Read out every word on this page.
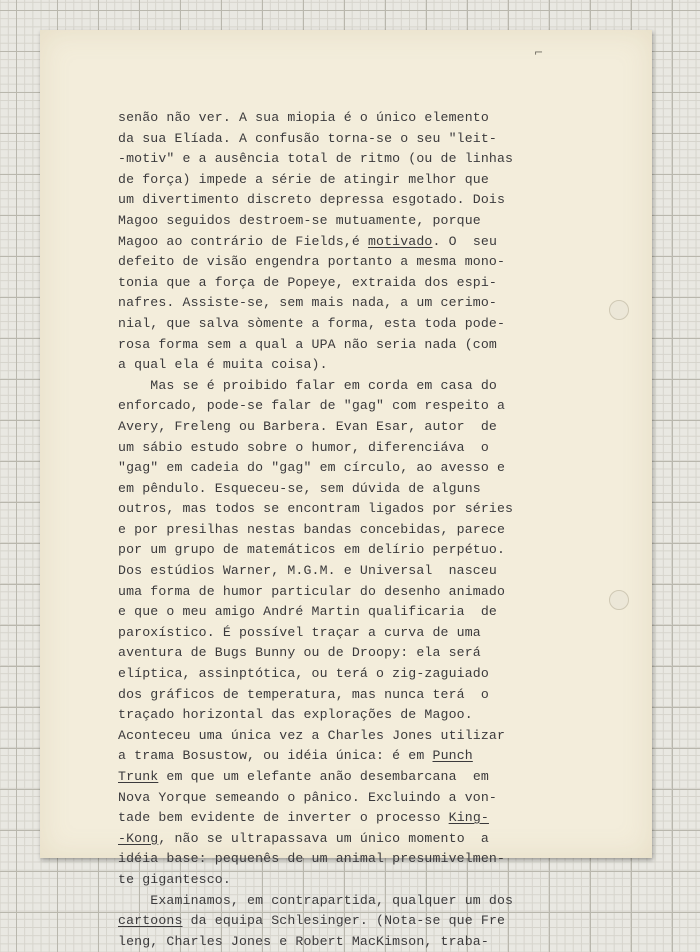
⌐
senão não ver. A sua miopia é o único elemento
da sua Elíada. A confusão torna-se o seu "leit-
-motiv" e a ausência total de ritmo (ou de linhas
de força) impede a série de atingir melhor que
um divertimento discreto depressa esgotado. Dois
Magoo seguidos destroem-se mutuamente, porque
Magoo ao contrário de Fields,é motivado. O  seu
defeito de visão engendra portanto a mesma mono-
tonia que a força de Popeye, extraida dos espi-
nafres. Assiste-se, sem mais nada, a um cerimo-
nial, que salva sòmente a forma, esta toda pode-
rosa forma sem a qual a UPA não seria nada (com
a qual ela é muita coisa).
Mas se é proibido falar em corda em casa do
enforcado, pode-se falar de "gag" com respeito a
Avery, Freleng ou Barbera. Evan Esar, autor  de
um sábio estudo sobre o humor, diferenciáva  o
"gag" em cadeia do "gag" em círculo, ao avesso e
em pêndulo. Esqueceu-se, sem dúvida de alguns
outros, mas todos se encontram ligados por séries
e por presilhas nestas bandas concebidas, parece
por um grupo de matemáticos em delírio perpétuo.
Dos estúdios Warner, M.G.M. e Universal  nasceu
uma forma de humor particular do desenho animado
e que o meu amigo André Martin qualificaria  de
paroxístico. É possível traçar a curva de uma
aventura de Bugs Bunny ou de Droopy: ela será
elíptica, assinptótica, ou terá o zig-zaguiado
dos gráficos de temperatura, mas nunca terá  o
traçado horizontal das explorações de Magoo.
Aconteceu uma única vez a Charles Jones utilizar
a trama Bosustow, ou idéia única: é em Punch
Trunk em que um elefante anão desembarcana  em
Nova Yorque semeando o pânico. Excluindo a von-
tade bem evidente de inverter o processo King-
-Kong, não se ultrapassava um único momento  a
idéia base: pequenês de um animal presumivelmen-
te gigantesco.
Examinamos, em contrapartida, qualquer um dos
cartoons da equipa Schlesinger. (Nota-se que Fre
leng, Charles Jones e Robert MacKimson, traba-
